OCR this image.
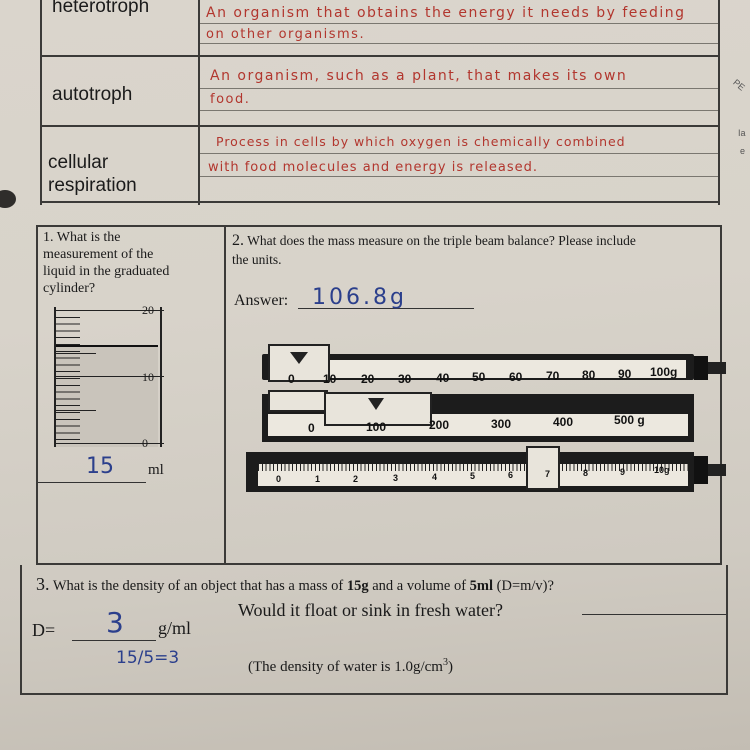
heterotroph	An organism that obtains the energy it needs by feeding
on other organisms.
autotroph
An organism, such as a plant, that makes its own
food.
cellular
respiration
Process in cells by which oxygen is chemically combined
with food molecules and energy is released.
1. What is the
measurement of the
liquid in the graduated
cylinder?
20
10
0
15 ml
2. What does the mass measure on the triple beam balance? Please include
the units.
Answer: 106.8g
0 10 20 30 40 50 60 70 80 90 100g
0	100	200	300	400	500 g
0	1	2	3	4	5	6	7	8	9	10g
3. What is the density of an object that has a mass of 15g and a volume of 5ml (D=m/v)?
D= 3 g/ml
15/5=3
Would it float or sink in fresh water?
(The density of water is $1.0g/cm^3$)
PE
Ia
e
